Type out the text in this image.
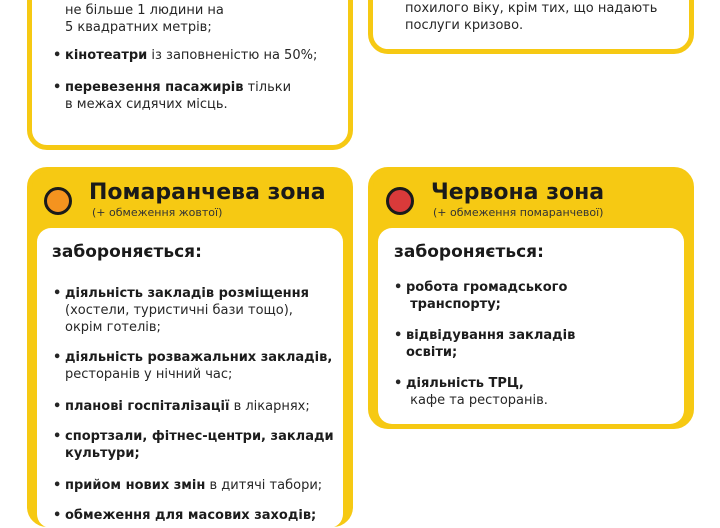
не більше 1 людини на
5 квадратних метрів;
• кінотеатри із заповненістю на 50%;
• перевезення пасажирів тільки
в межах сидячих місць.
похилого віку, крім тих, що надають
послуги кризово.
Помаранчева зона
(+ обмеження жовтої)
забороняється:
• діяльність закладів розміщення
(хостели, туристичні бази тощо),
окрім готелів;
• діяльність розважальних закладів,
ресторанів у нічний час;
• планові госпіталізації в лікарнях;
• спортзали, фітнес-центри, заклади
культури;
• прийом нових змін в дитячі табори;
• обмеження для масових заходів;
Червона зона
(+ обмеження помаранчевої)
забороняється:
• робота громадського
транспорту;
• відвідування закладів
освіти;
• діяльність ТРЦ,
кафе та ресторанів.
